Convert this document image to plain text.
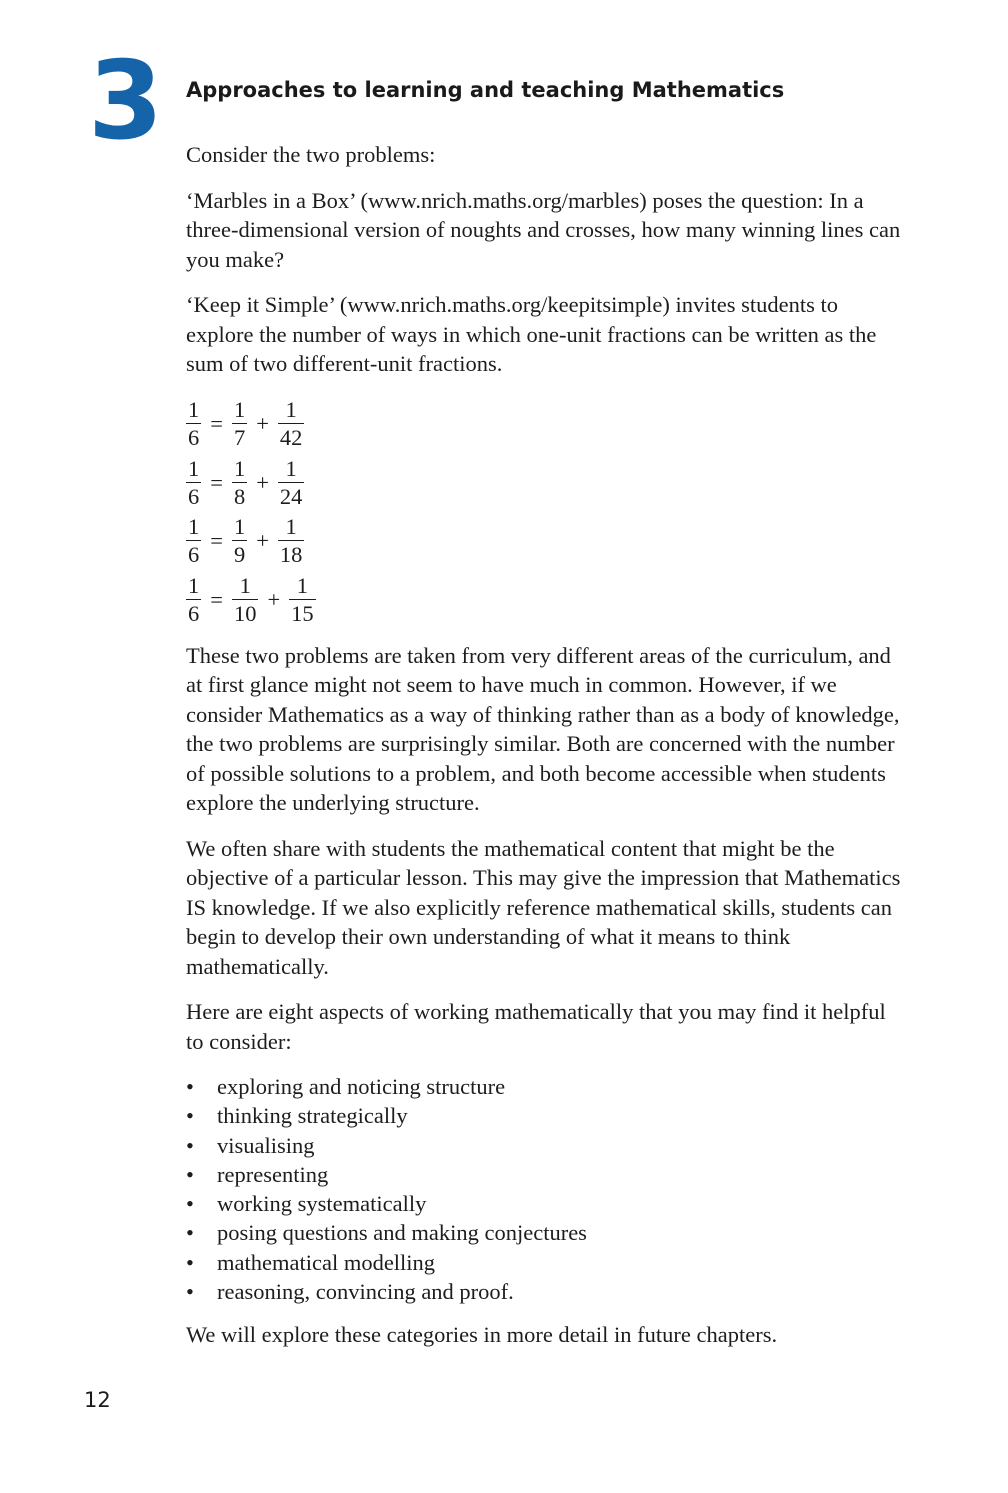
3 Approaches to learning and teaching Mathematics

Consider the two problems:

‘Marbles in a Box’ (www.nrich.maths.org/marbles) poses the question: In a three-dimensional version of noughts and crosses, how many winning lines can you make?

‘Keep it Simple’ (www.nrich.maths.org/keepitsimple) invites students to explore the number of ways in which one-unit fractions can be written as the sum of two different-unit fractions.

$\frac{1}{6} = \frac{1}{7} + \frac{1}{42}$
$\frac{1}{6} = \frac{1}{8} + \frac{1}{24}$
$\frac{1}{6} = \frac{1}{9} + \frac{1}{18}$
$\frac{1}{6} = \frac{1}{10} + \frac{1}{15}$

These two problems are taken from very different areas of the curriculum, and at first glance might not seem to have much in common. However, if we consider Mathematics as a way of thinking rather than as a body of knowledge, the two problems are surprisingly similar. Both are concerned with the number of possible solutions to a problem, and both become accessible when students explore the underlying structure.

We often share with students the mathematical content that might be the objective of a particular lesson. This may give the impression that Mathematics IS knowledge. If we also explicitly reference mathematical skills, students can begin to develop their own understanding of what it means to think mathematically.

Here are eight aspects of working mathematically that you may find it helpful to consider:

• exploring and noticing structure
• thinking strategically
• visualising
• representing
• working systematically
• posing questions and making conjectures
• mathematical modelling
• reasoning, convincing and proof.

We will explore these categories in more detail in future chapters.

12
